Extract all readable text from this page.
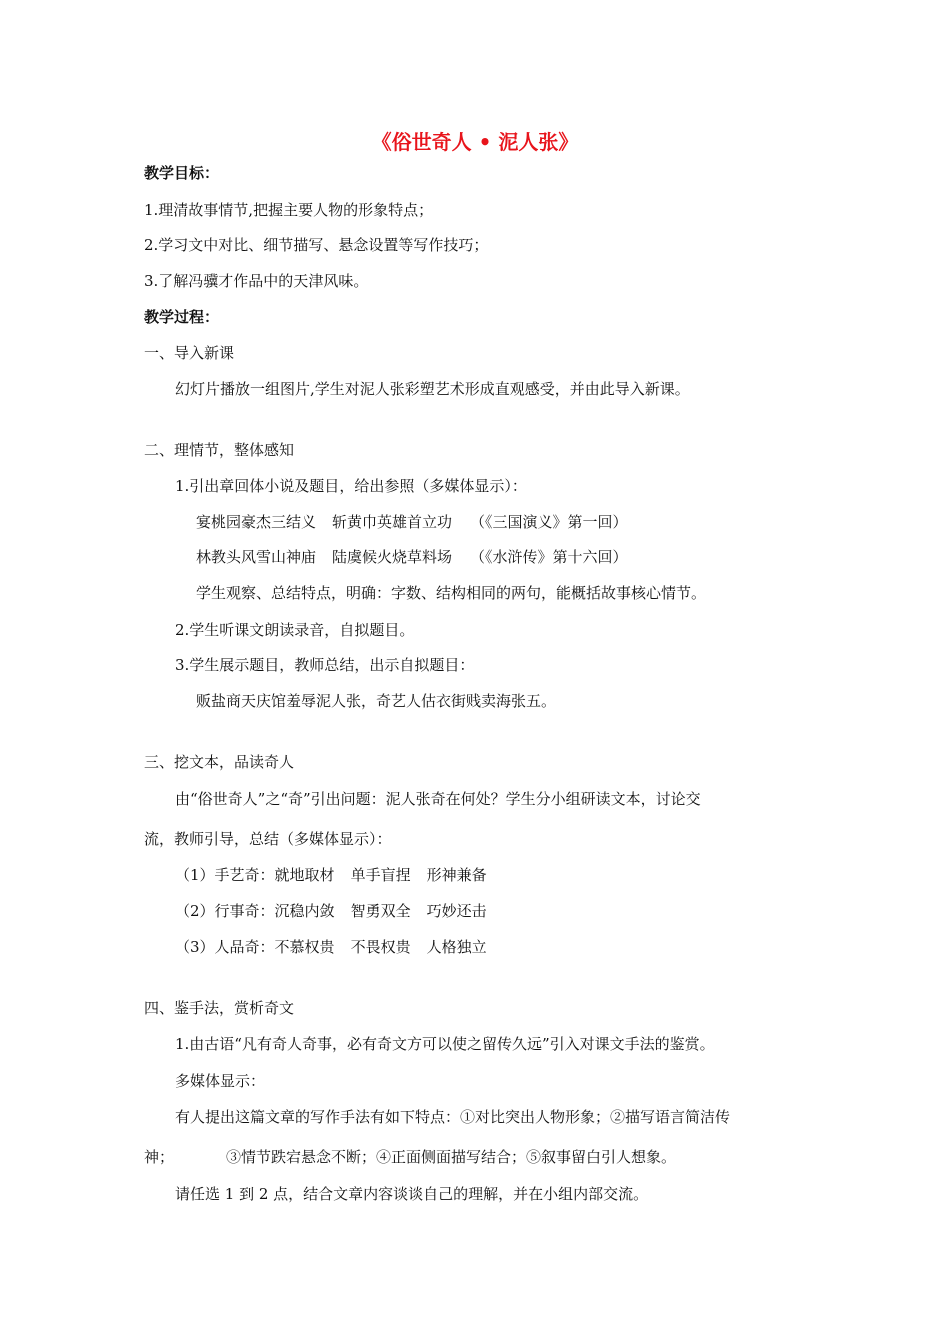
《俗世奇人 • 泥人张》
教学目标：
1.理清故事情节,把握主要人物的形象特点；
2.学习文中对比、细节描写、悬念设置等写作技巧；
3.了解冯骥才作品中的天津风味。
教学过程：
一、导入新课
幻灯片播放一组图片,学生对泥人张彩塑艺术形成直观感受，并由此导入新课。
二、理情节，整体感知
1.引出章回体小说及题目，给出参照（多媒体显示）：
宴桃园豪杰三结义 斩黄巾英雄首立功 （《三国演义》第一回）
林教头风雪山神庙 陆虞候火烧草料场 （《水浒传》第十六回）
学生观察、总结特点，明确：字数、结构相同的两句，能概括故事核心情节。
2.学生听课文朗读录音，自拟题目。
3.学生展示题目，教师总结，出示自拟题目：
贩盐商天庆馆羞辱泥人张，奇艺人估衣街贱卖海张五。
三、挖文本，品读奇人
由“俗世奇人”之“奇”引出问题：泥人张奇在何处？学生分小组研读文本，讨论交
流，教师引导，总结（多媒体显示）：
（1）手艺奇：就地取材 单手盲捏 形神兼备
（2）行事奇：沉稳内敛 智勇双全 巧妙还击
（3）人品奇：不慕权贵 不畏权贵 人格独立
四、鉴手法，赏析奇文
1.由古语“凡有奇人奇事，必有奇文方可以使之留传久远”引入对课文手法的鉴赏。
多媒体显示：
有人提出这篇文章的写作手法有如下特点：①对比突出人物形象；②描写语言简洁传
神；	③情节跌宕悬念不断；④正面侧面描写结合；⑤叙事留白引人想象。
请任选 1 到 2 点，结合文章内容谈谈自己的理解，并在小组内部交流。
